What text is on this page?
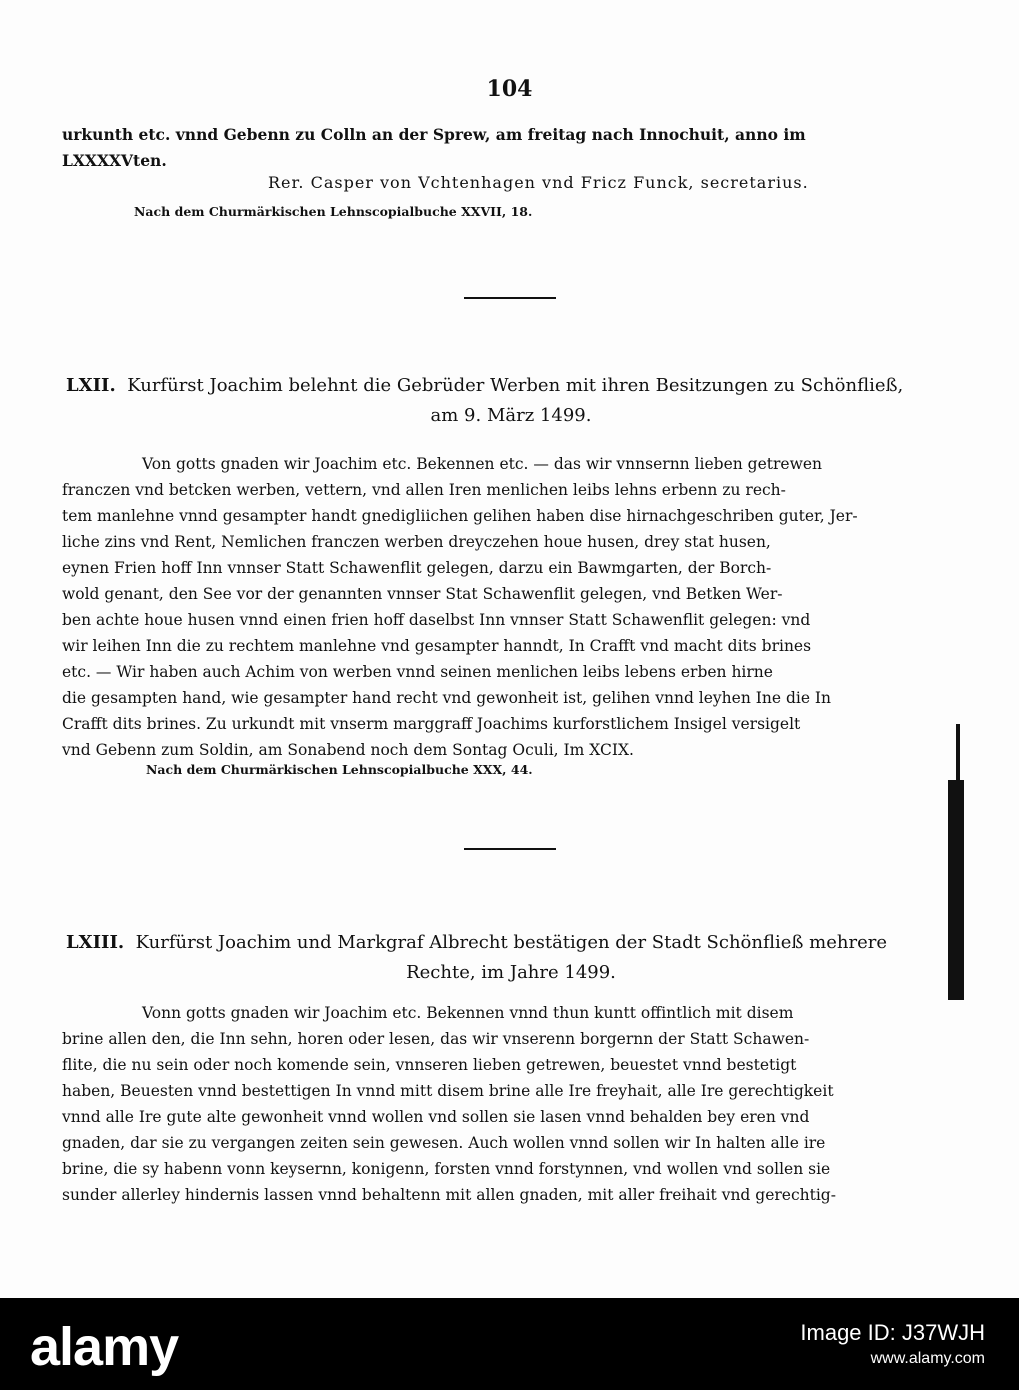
104

urkunth etc. vnnd Gebenn zu Colln an der Sprew, am freitag nach Innochuit, anno im

LXXXXVten.

Rer. Casper von Vchtenhagen vnd Fricz Funck, secretarius.
Nach dem Churmärkischen Lehnscopialbuche XXVII, 18.
LXII. Kurfürst Joachim belehnt die Gebrüder Werben mit ihren Besitzungen zu Schönfließ,
am 9. März 1499.

Von gotts gnaden wir Joachim etc. Bekennen etc. — das wir vnnsernn lieben getrewen

franczen vnd betcken werben, vettern, vnd allen Iren menlichen leibs lehns erbenn zu rech-

tem manlehne vnnd gesampter handt gnedigliichen gelihen haben dise hirnachgeschriben guter, Jer-

liche zins vnd Rent, Nemlichen franczen werben dreyczehen houe husen, drey stat husen,

eynen Frien hoff Inn vnnser Statt Schawenflit gelegen, darzu ein Bawmgarten, der Borch-

wold genant, den See vor der genannten vnnser Stat Schawenflit gelegen, vnd Betken Wer-

ben achte houe husen vnnd einen frien hoff daselbst Inn vnnser Statt Schawenflit gelegen: vnd

wir leihen Inn die zu rechtem manlehne vnd gesampter hanndt, In Crafft vnd macht dits brines

etc. — Wir haben auch Achim von werben vnnd seinen menlichen leibs lebens erben hirne

die gesampten hand, wie gesampter hand recht vnd gewonheit ist, gelihen vnnd leyhen Ine die In

Crafft dits brines. Zu urkundt mit vnserm marggraff Joachims kurforstlichem Insigel versigelt

vnd Gebenn zum Soldin, am Sonabend noch dem Sontag Oculi, Im XCIX.

Nach dem Churmärkischen Lehnscopialbuche XXX, 44.
LXIII. Kurfürst Joachim und Markgraf Albrecht bestätigen der Stadt Schönfließ mehrere
Rechte, im Jahre 1499.

Vonn gotts gnaden wir Joachim etc. Bekennen vnnd thun kuntt offintlich mit disem

brine allen den, die Inn sehn, horen oder lesen, das wir vnserenn borgernn der Statt Schawen-

flite, die nu sein oder noch komende sein, vnnseren lieben getrewen, beuestet vnnd bestetigt

haben, Beuesten vnnd bestettigen In vnnd mitt disem brine alle Ire freyhait, alle Ire gerechtigkeit

vnnd alle Ire gute alte gewonheit vnnd wollen vnd sollen sie lasen vnnd behalden bey eren vnd

gnaden, dar sie zu vergangen zeiten sein gewesen. Auch wollen vnnd sollen wir In halten alle ire

brine, die sy habenn vonn keysernn, konigenn, forsten vnnd forstynnen, vnd wollen vnd sollen sie

sunder allerley hindernis lassen vnnd behaltenn mit allen gnaden, mit aller freihait vnd gerechtig-

alamy	Image ID: J37WJH
www.alamy.com
